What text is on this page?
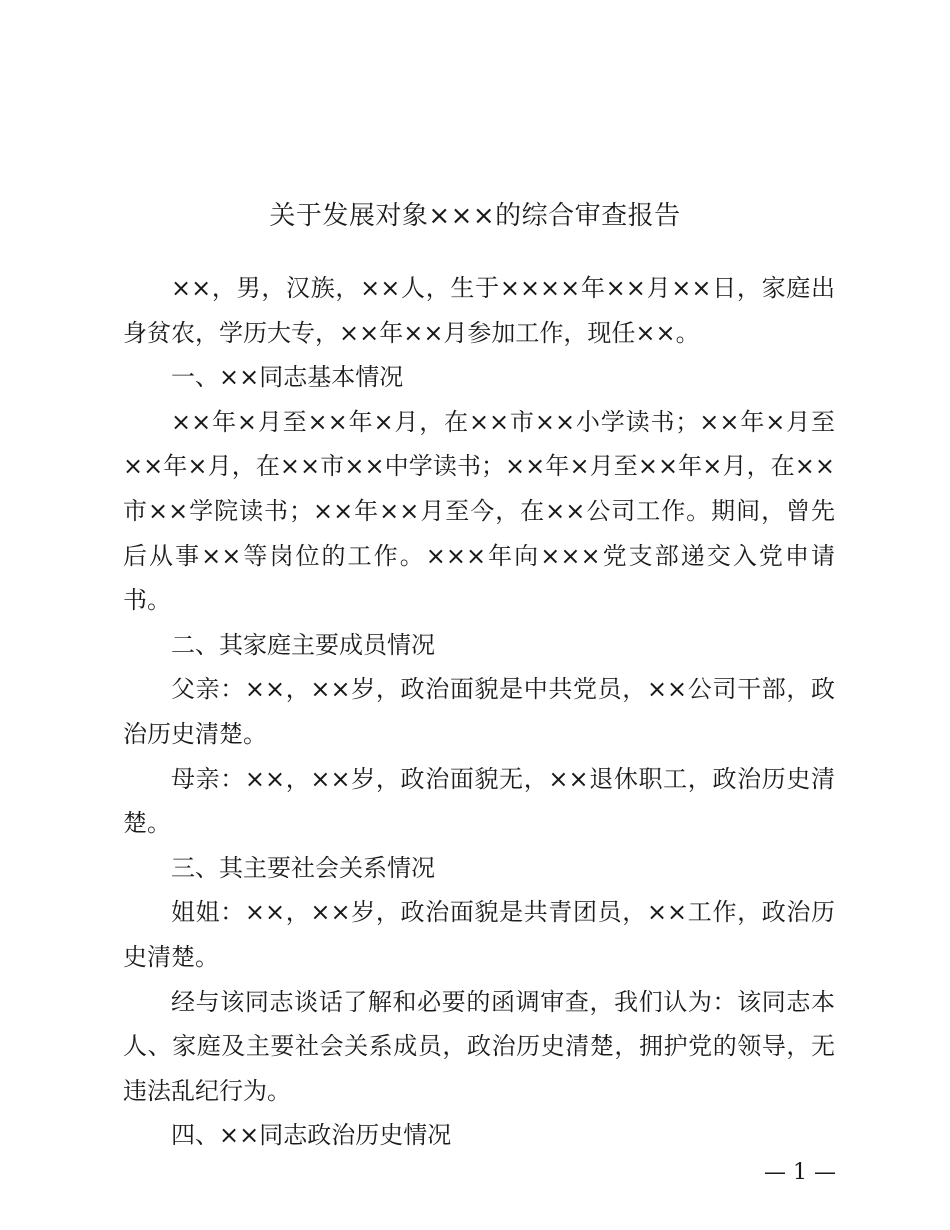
关于发展对象×××的综合审查报告

××，男，汉族，××人，生于××××年××月××日，家庭出身贫农，学历大专，××年××月参加工作，现任××。

一、××同志基本情况

××年×月至××年×月，在××市××小学读书；××年×月至××年×月，在××市××中学读书；××年×月至××年×月，在××市××学院读书；××年××月至今，在××公司工作。期间，曾先后从事××等岗位的工作。×××年向×××党支部递交入党申请书。

二、其家庭主要成员情况

父亲：××，××岁，政治面貌是中共党员，××公司干部，政治历史清楚。

母亲：××，××岁，政治面貌无，××退休职工，政治历史清楚。

三、其主要社会关系情况

姐姐：××，××岁，政治面貌是共青团员，××工作，政治历史清楚。

经与该同志谈话了解和必要的函调审查，我们认为：该同志本人、家庭及主要社会关系成员，政治历史清楚，拥护党的领导，无违法乱纪行为。

四、××同志政治历史情况

— 1 —
